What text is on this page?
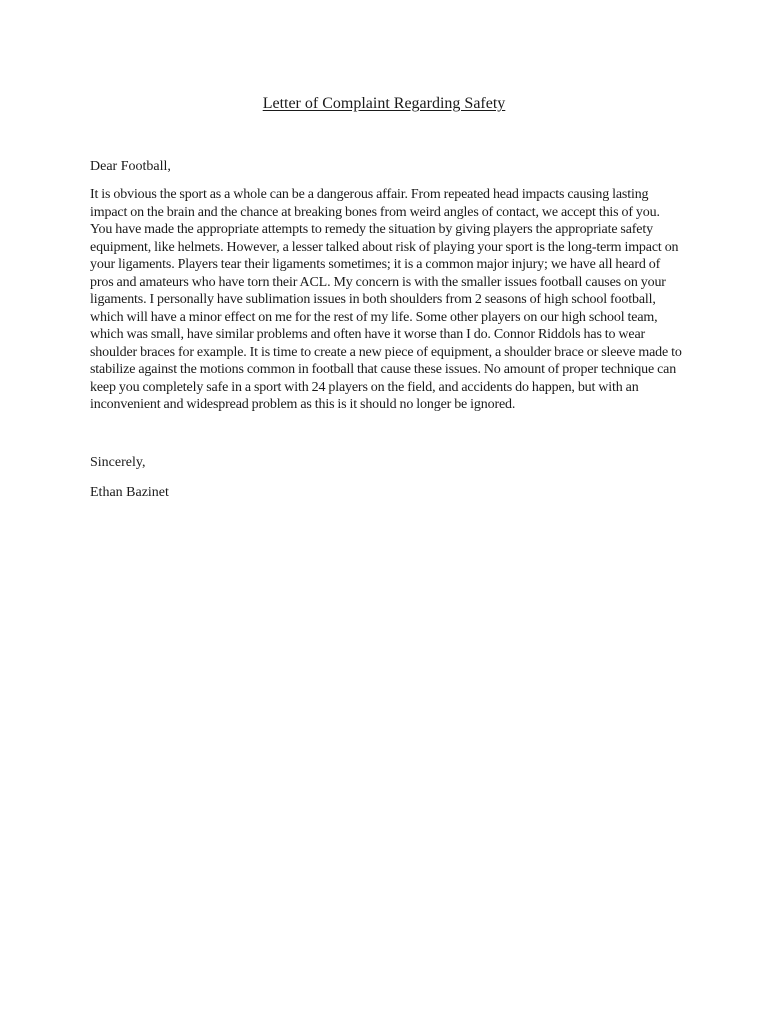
Letter of Complaint Regarding Safety

Dear Football,

It is obvious the sport as a whole can be a dangerous affair. From repeated head impacts causing lasting impact on the brain and the chance at breaking bones from weird angles of contact, we accept this of you. You have made the appropriate attempts to remedy the situation by giving players the appropriate safety equipment, like helmets. However, a lesser talked about risk of playing your sport is the long-term impact on your ligaments. Players tear their ligaments sometimes; it is a common major injury; we have all heard of pros and amateurs who have torn their ACL. My concern is with the smaller issues football causes on your ligaments. I personally have sublimation issues in both shoulders from 2 seasons of high school football, which will have a minor effect on me for the rest of my life. Some other players on our high school team, which was small, have similar problems and often have it worse than I do. Connor Riddols has to wear shoulder braces for example. It is time to create a new piece of equipment, a shoulder brace or sleeve made to stabilize against the motions common in football that cause these issues. No amount of proper technique can keep you completely safe in a sport with 24 players on the field, and accidents do happen, but with an inconvenient and widespread problem as this is it should no longer be ignored.

Sincerely,

Ethan Bazinet
